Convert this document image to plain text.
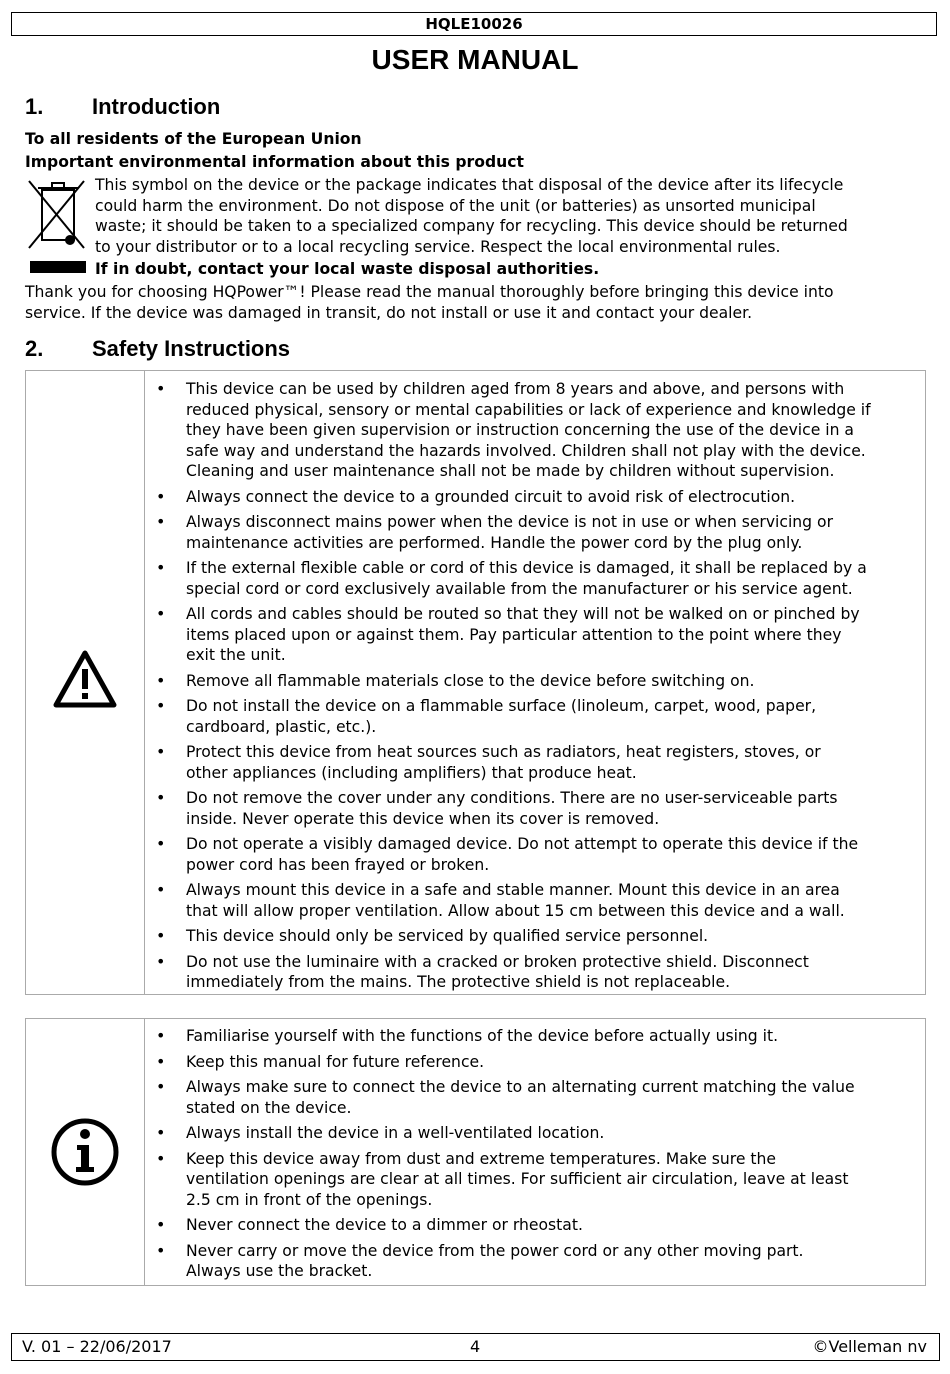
HQLE10026
USER MANUAL
1. Introduction
To all residents of the European Union
Important environmental information about this product
This symbol on the device or the package indicates that disposal of the device after its lifecycle
could harm the environment. Do not dispose of the unit (or batteries) as unsorted municipal
waste; it should be taken to a specialized company for recycling. This device should be returned
to your distributor or to a local recycling service. Respect the local environmental rules.
If in doubt, contact your local waste disposal authorities.
Thank you for choosing HQPower™! Please read the manual thoroughly before bringing this device into
service. If the device was damaged in transit, do not install or use it and contact your dealer.
2. Safety Instructions
• This device can be used by children aged from 8 years and above, and persons with
reduced physical, sensory or mental capabilities or lack of experience and knowledge if
they have been given supervision or instruction concerning the use of the device in a
safe way and understand the hazards involved. Children shall not play with the device.
Cleaning and user maintenance shall not be made by children without supervision.
• Always connect the device to a grounded circuit to avoid risk of electrocution.
• Always disconnect mains power when the device is not in use or when servicing or
maintenance activities are performed. Handle the power cord by the plug only.
• If the external flexible cable or cord of this device is damaged, it shall be replaced by a
special cord or cord exclusively available from the manufacturer or his service agent.
• All cords and cables should be routed so that they will not be walked on or pinched by
items placed upon or against them. Pay particular attention to the point where they
exit the unit.
• Remove all flammable materials close to the device before switching on.
• Do not install the device on a flammable surface (linoleum, carpet, wood, paper,
cardboard, plastic, etc.).
• Protect this device from heat sources such as radiators, heat registers, stoves, or
other appliances (including amplifiers) that produce heat.
• Do not remove the cover under any conditions. There are no user-serviceable parts
inside. Never operate this device when its cover is removed.
• Do not operate a visibly damaged device. Do not attempt to operate this device if the
power cord has been frayed or broken.
• Always mount this device in a safe and stable manner. Mount this device in an area
that will allow proper ventilation. Allow about 15 cm between this device and a wall.
• This device should only be serviced by qualified service personnel.
• Do not use the luminaire with a cracked or broken protective shield. Disconnect
immediately from the mains. The protective shield is not replaceable.
• Familiarise yourself with the functions of the device before actually using it.
• Keep this manual for future reference.
• Always make sure to connect the device to an alternating current matching the value
stated on the device.
• Always install the device in a well-ventilated location.
• Keep this device away from dust and extreme temperatures. Make sure the
ventilation openings are clear at all times. For sufficient air circulation, leave at least
2.5 cm in front of the openings.
• Never connect the device to a dimmer or rheostat.
• Never carry or move the device from the power cord or any other moving part.
Always use the bracket.
V. 01 – 22/06/2017	4	©Velleman nv
